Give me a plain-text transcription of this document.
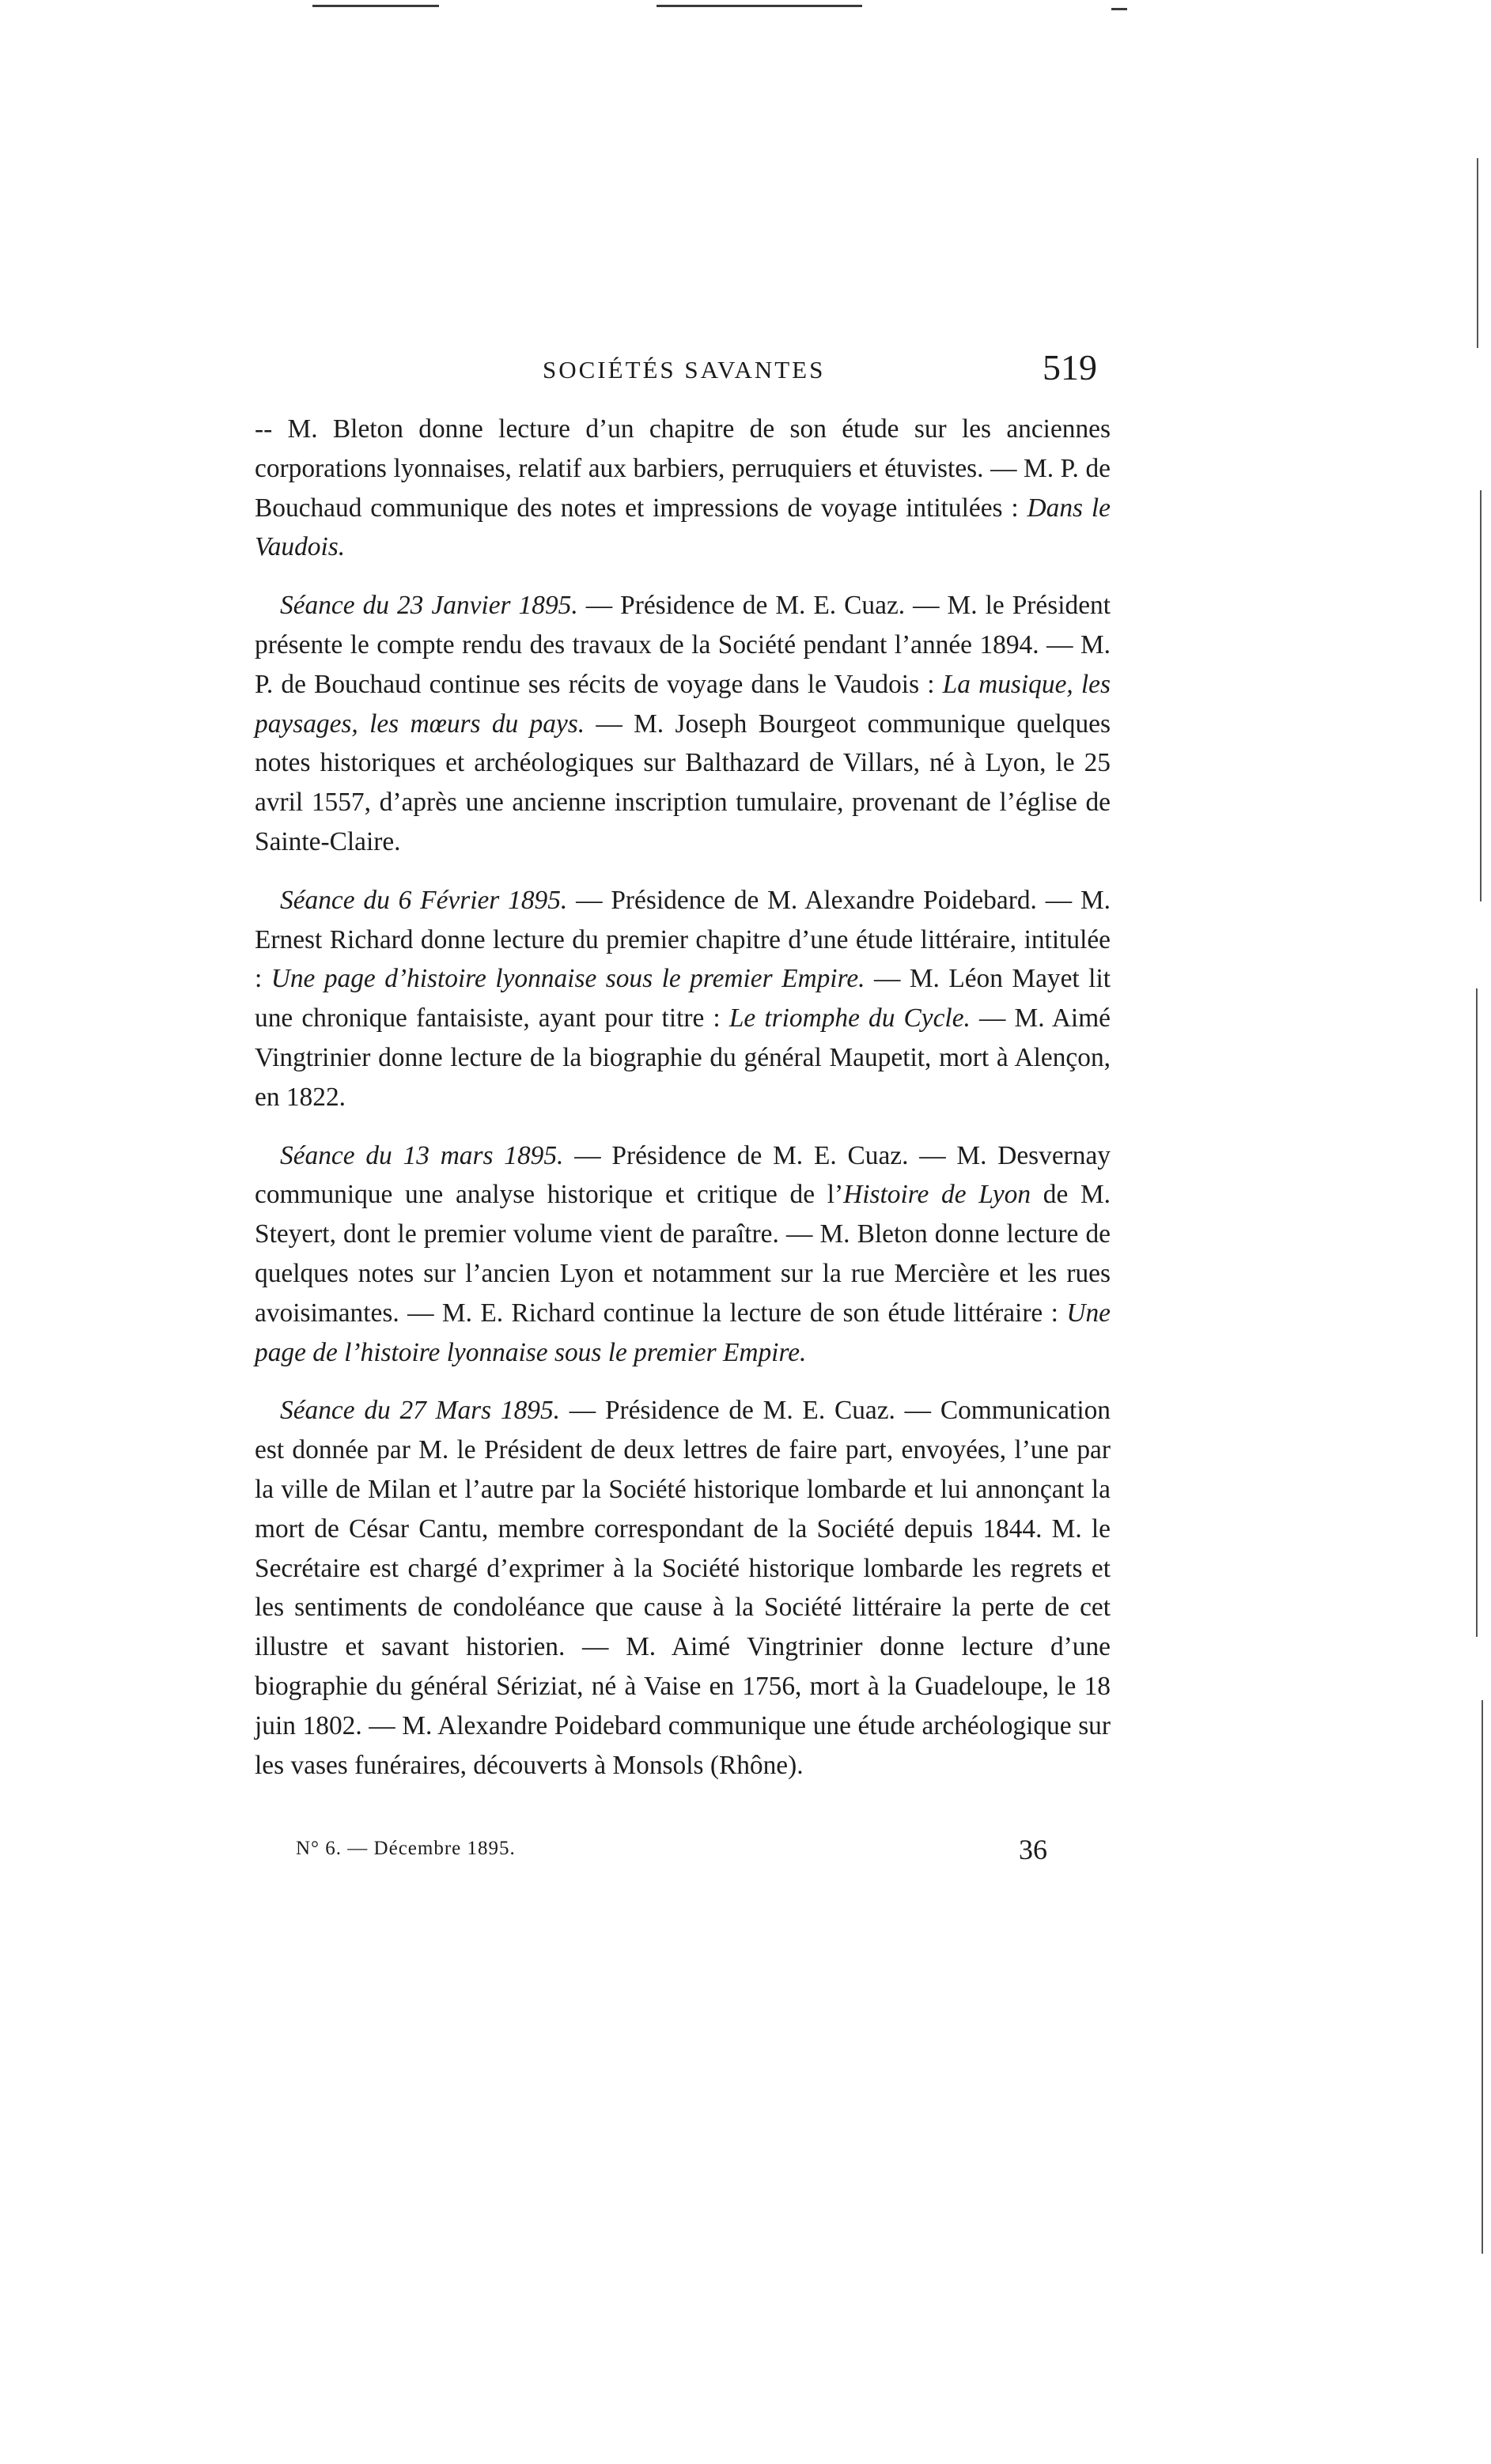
SOCIÉTÉS SAVANTES	519

-- M. Bleton donne lecture d’un chapitre de son étude sur les anciennes corporations lyonnaises, relatif aux barbiers, perruquiers et étuvistes. — M. P. de Bouchaud communique des notes et impressions de voyage intitulées : Dans le Vaudois.

Séance du 23 Janvier 1895. — Présidence de M. E. Cuaz. — M. le Président présente le compte rendu des travaux de la Société pendant l’année 1894. — M. P. de Bouchaud continue ses récits de voyage dans le Vaudois : La musique, les paysages, les mœurs du pays. — M. Joseph Bourgeot communique quelques notes historiques et archéologiques sur Balthazard de Villars, né à Lyon, le 25 avril 1557, d’après une ancienne inscription tumulaire, provenant de l’église de Sainte-Claire.

Séance du 6 Février 1895. — Présidence de M. Alexandre Poidebard. — M. Ernest Richard donne lecture du premier chapitre d’une étude littéraire, intitulée : Une page d’histoire lyonnaise sous le premier Empire. — M. Léon Mayet lit une chronique fantaisiste, ayant pour titre : Le triomphe du Cycle. — M. Aimé Vingtrinier donne lecture de la biographie du général Maupetit, mort à Alençon, en 1822.

Séance du 13 mars 1895. — Présidence de M. E. Cuaz. — M. Desvernay communique une analyse historique et critique de l’Histoire de Lyon de M. Steyert, dont le premier volume vient de paraître. — M. Bleton donne lecture de quelques notes sur l’ancien Lyon et notamment sur la rue Mercière et les rues avoisimantes. — M. E. Richard continue la lecture de son étude littéraire : Une page de l’histoire lyonnaise sous le premier Empire.

Séance du 27 Mars 1895. — Présidence de M. E. Cuaz. — Communication est donnée par M. le Président de deux lettres de faire part, envoyées, l’une par la ville de Milan et l’autre par la Société historique lombarde et lui annonçant la mort de César Cantu, membre correspondant de la Société depuis 1844. M. le Secrétaire est chargé d’exprimer à la Société historique lombarde les regrets et les sentiments de condoléance que cause à la Société littéraire la perte de cet illustre et savant historien. — M. Aimé Vingtrinier donne lecture d’une biographie du général Sériziat, né à Vaise en 1756, mort à la Guadeloupe, le 18 juin 1802. — M. Alexandre Poidebard communique une étude archéologique sur les vases funéraires, découverts à Monsols (Rhône).

N° 6. — Décembre 1895.	36
